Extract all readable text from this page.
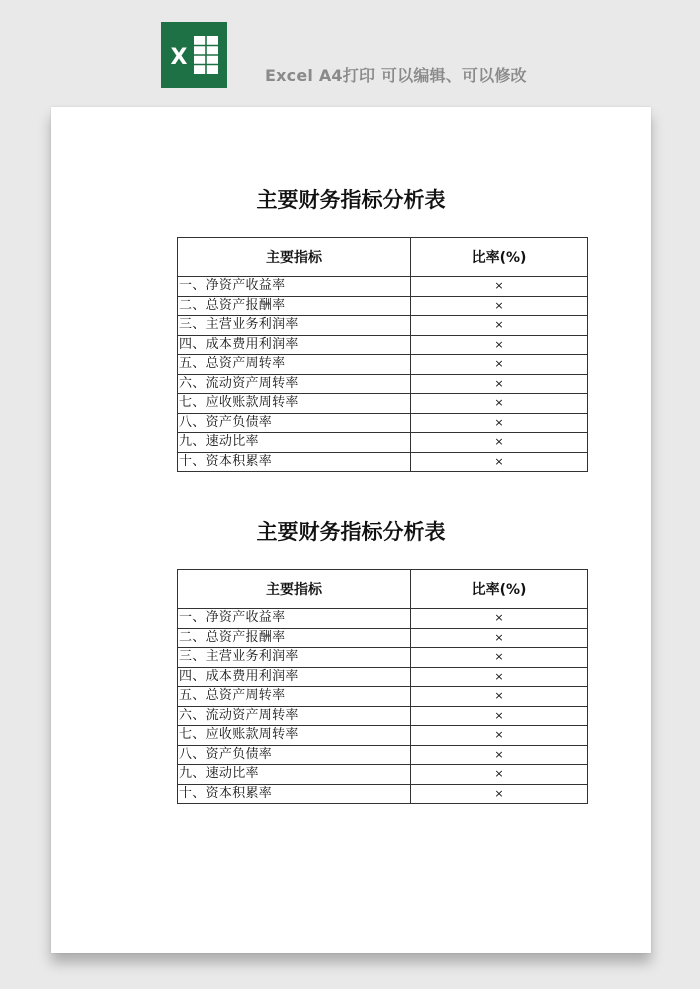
X
Excel A4打印 可以编辑、可以修改
主要财务指标分析表
主要指标	比率(%)
一、净资产收益率	×
二、总资产报酬率	×
三、主营业务利润率	×
四、成本费用利润率	×
五、总资产周转率	×
六、流动资产周转率	×
七、应收账款周转率	×
八、资产负债率	×
九、速动比率	×
十、资本积累率	×
主要财务指标分析表
主要指标	比率(%)
一、净资产收益率	×
二、总资产报酬率	×
三、主营业务利润率	×
四、成本费用利润率	×
五、总资产周转率	×
六、流动资产周转率	×
七、应收账款周转率	×
八、资产负债率	×
九、速动比率	×
十、资本积累率	×
